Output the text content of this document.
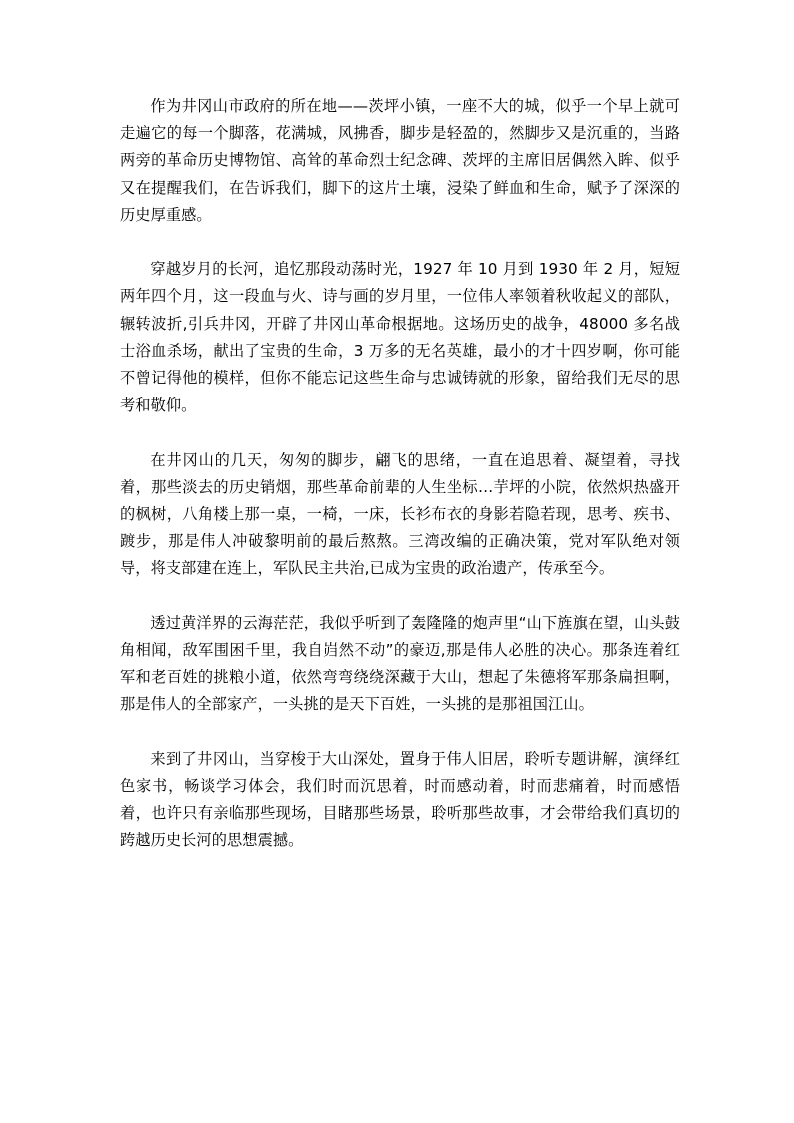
作为井冈山市政府的所在地——茨坪小镇，一座不大的城，似乎一个早上就可走遍它的每一个脚落，花满城，风拂香，脚步是轻盈的，然脚步又是沉重的，当路两旁的革命历史博物馆、高耸的革命烈士纪念碑、茨坪的主席旧居偶然入眸、似乎又在提醒我们，在告诉我们，脚下的这片土壤，浸染了鲜血和生命，赋予了深深的历史厚重感。

穿越岁月的长河，追忆那段动荡时光，1927 年 10 月到 1930 年 2 月，短短两年四个月，这一段血与火、诗与画的岁月里，一位伟人率领着秋收起义的部队，辗转波折,引兵井冈，开辟了井冈山革命根据地。这场历史的战争，48000 多名战士浴血杀场，献出了宝贵的生命，3 万多的无名英雄，最小的才十四岁啊，你可能不曾记得他的模样，但你不能忘记这些生命与忠诚铸就的形象，留给我们无尽的思考和敬仰。

在井冈山的几天，匆匆的脚步，翩飞的思绪，一直在追思着、凝望着，寻找着，那些淡去的历史销烟，那些革命前辈的人生坐标…芋坪的小院，依然炽热盛开的枫树，八角楼上那一桌，一椅，一床，长衫布衣的身影若隐若现，思考、疾书、踱步，那是伟人冲破黎明前的最后熬熬。三湾改编的正确决策，党对军队绝对领导，将支部建在连上，军队民主共治,已成为宝贵的政治遗产，传承至今。

透过黄洋界的云海茫茫，我似乎听到了轰隆隆的炮声里“山下旌旗在望，山头鼓角相闻，敌军围困千里，我自岿然不动”的豪迈,那是伟人必胜的决心。那条连着红军和老百姓的挑粮小道，依然弯弯绕绕深藏于大山，想起了朱德将军那条扁担啊，那是伟人的全部家产，一头挑的是天下百姓，一头挑的是那祖国江山。

来到了井冈山，当穿梭于大山深处，置身于伟人旧居，聆听专题讲解，演绎红色家书，畅谈学习体会，我们时而沉思着，时而感动着，时而悲痛着，时而感悟着，也许只有亲临那些现场，目睹那些场景，聆听那些故事，才会带给我们真切的跨越历史长河的思想震撼。
